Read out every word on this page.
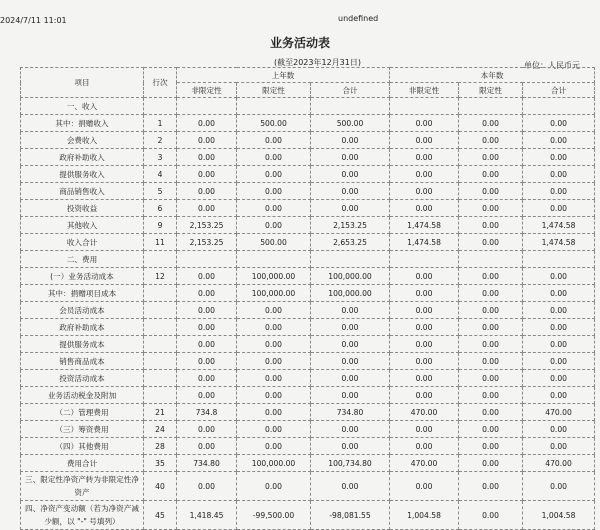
2024/7/11 11:01	undefined
业务活动表
(截至2023年12月31日)	单位：人民币元
项目	行次	上年数			本年数		
		非限定性	限定性	合计	非限定性	限定性	合计
一、收入							
其中：捐赠收入	1	0.00	500.00	500.00	0.00	0.00	0.00
会费收入	2	0.00	0.00	0.00	0.00	0.00	0.00
政府补助收入	3	0.00	0.00	0.00	0.00	0.00	0.00
提供服务收入	4	0.00	0.00	0.00	0.00	0.00	0.00
商品销售收入	5	0.00	0.00	0.00	0.00	0.00	0.00
投资收益	6	0.00	0.00	0.00	0.00	0.00	0.00
其他收入	9	2,153.25	0.00	2,153.25	1,474.58	0.00	1,474.58
收入合计	11	2,153.25	500.00	2,653.25	1,474.58	0.00	1,474.58
二、费用							
(一）业务活动成本	12	0.00	100,000.00	100,000.00	0.00	0.00	0.00
其中：捐赠项目成本		0.00	100,000.00	100,000.00	0.00	0.00	0.00
会员活动成本		0.00	0.00	0.00	0.00	0.00	0.00
政府补助成本		0.00	0.00	0.00	0.00	0.00	0.00
提供服务成本		0.00	0.00	0.00	0.00	0.00	0.00
销售商品成本		0.00	0.00	0.00	0.00	0.00	0.00
投资活动成本		0.00	0.00	0.00	0.00	0.00	0.00
业务活动税金及附加		0.00	0.00	0.00	0.00	0.00	0.00
（二）管理费用	21	734.8	0.00	734.80	470.00	0.00	470.00
（三）筹资费用	24	0.00	0.00	0.00	0.00	0.00	0.00
（四）其他费用	28	0.00	0.00	0.00	0.00	0.00	0.00
费用合计	35	734.80	100,000.00	100,734.80	470.00	0.00	470.00
三、限定性净资产转为非限定性净资产	40	0.00	0.00	0.00	0.00	0.00	0.00
四、净资产变动额（若为净资产减少额，以 "-" 号填列）	45	1,418.45	-99,500.00	-98,081.55	1,004.58	0.00	1,004.58
